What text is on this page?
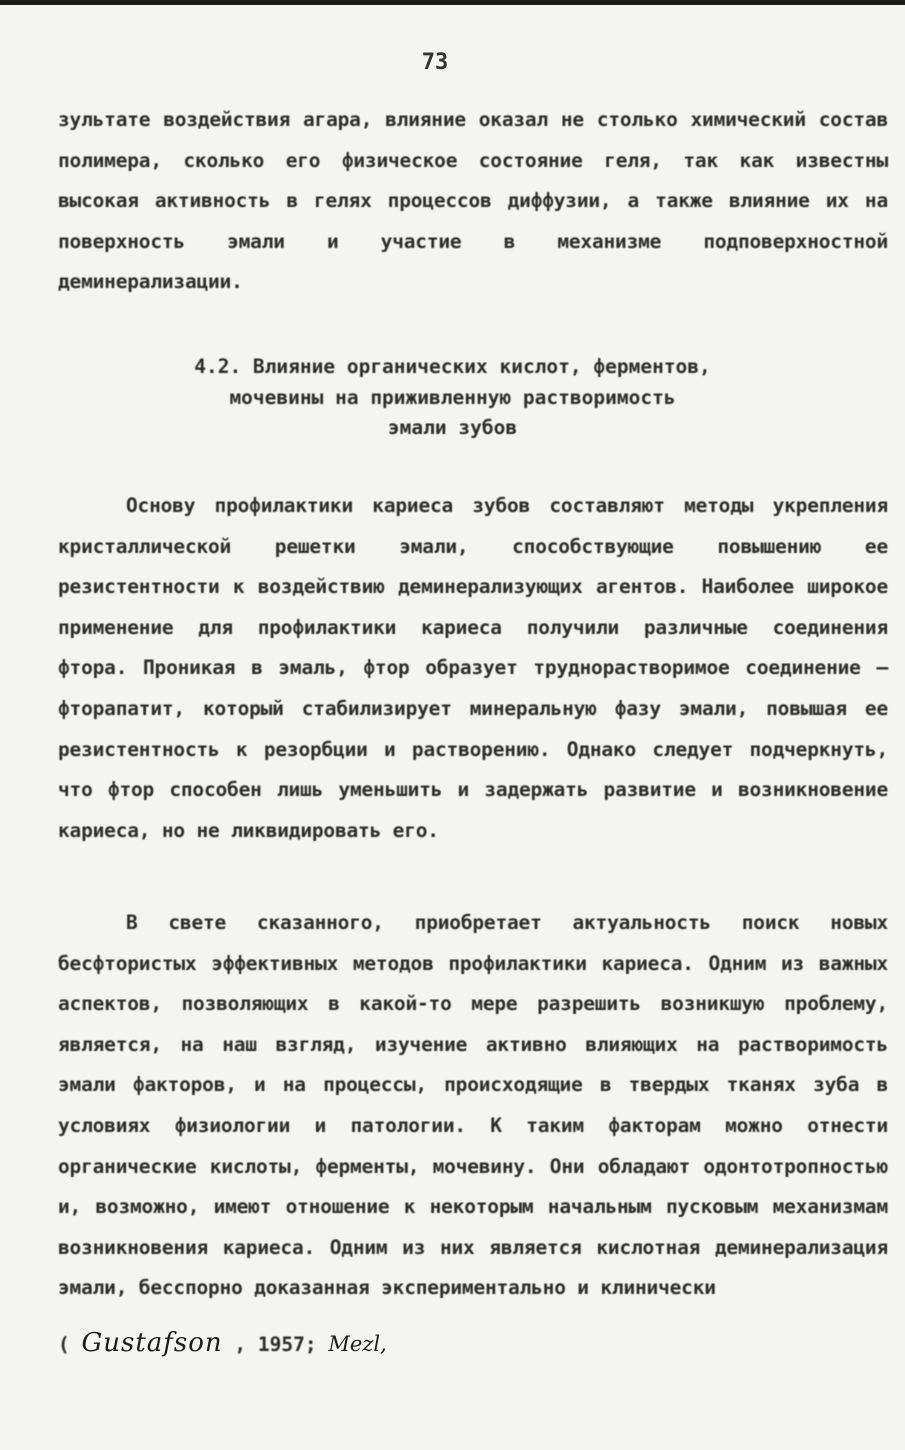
73
зультате воздействия агара, влияние оказал не столько химический состав полимера, сколько его физическое состояние геля, так как известны высокая активность в гелях процессов диффузии, а также влияние их на поверхность эмали и участие в механизме подповерхностной деминерализации.
4.2. Влияние органических кислот, ферментов,
мочевины на приживленную растворимость
эмали зубов
Основу профилактики кариеса зубов составляют методы укрепления кристаллической решетки эмали, способствующие повышению ее резистентности к воздействию деминерализующих агентов. Наиболее широкое применение для профилактики кариеса получили различные соединения фтора. Проникая в эмаль, фтор образует труднорастворимое соединение – фторапатит, который стабилизирует минеральную фазу эмали, повышая ее резистентность к резорбции и растворению. Однако следует подчеркнуть, что фтор способен лишь уменьшить и задержать развитие и возникновение кариеса, но не ликвидировать его.
В свете сказанного, приобретает актуальность поиск новых бесфтористых эффективных методов профилактики кариеса. Одним из важных аспектов, позволяющих в какой-то мере разрешить возникшую проблему, является, на наш взгляд, изучение активно влияющих на растворимость эмали факторов, и на процессы, происходящие в твердых тканях зуба в условиях физиологии и патологии. К таким факторам можно отнести органические кислоты, ферменты, мочевину. Они обладают одонтотропностью и, возможно, имеют отношение к некоторым начальным пусковым механизмам возникновения кариеса. Одним из них является кислотная деминерализация эмали, бесспорно доказанная экспериментально и клинически
( Gustafson , 1957; Mezl,
